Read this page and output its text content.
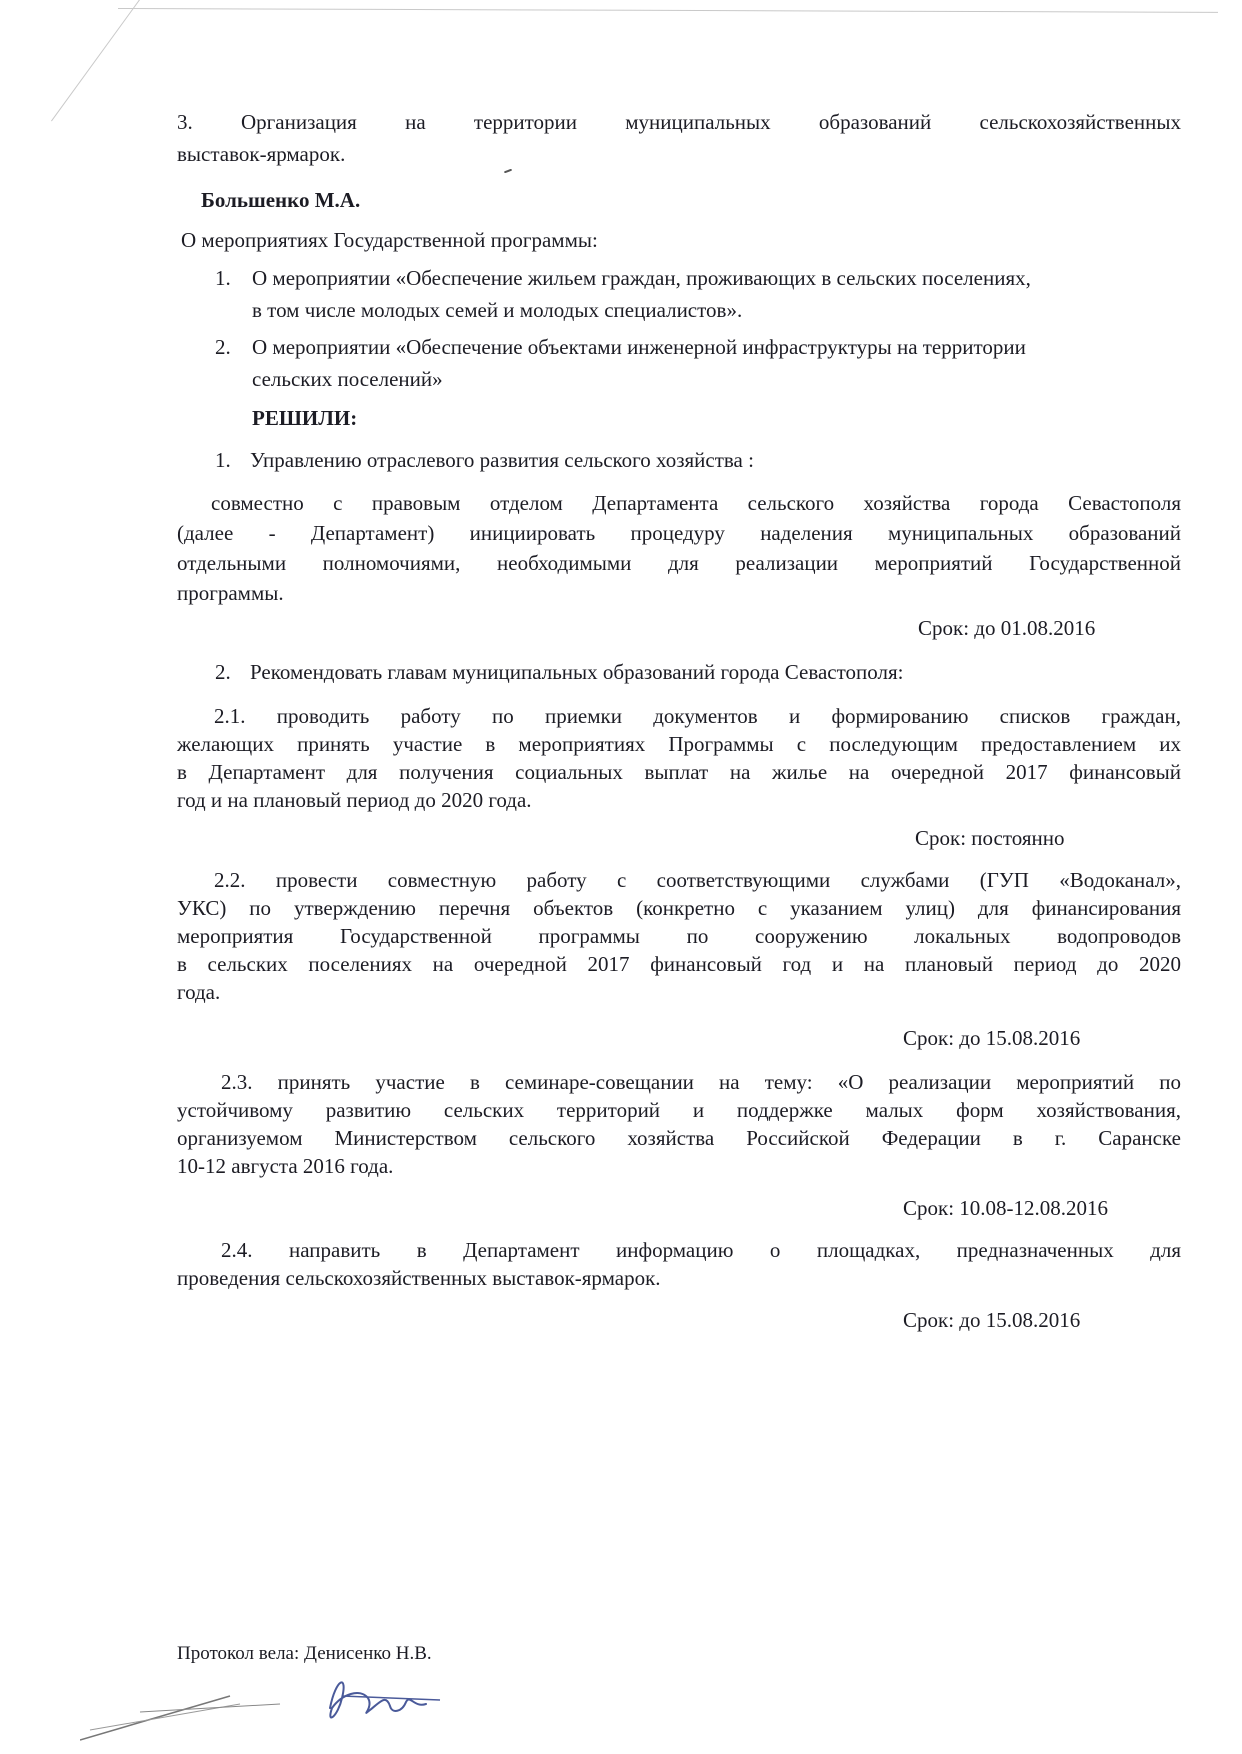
3. Организация на территории муниципальных образований сельскохозяйственных
выставок-ярмарок.
Большенко М.А.
О мероприятиях Государственной программы:
1. О мероприятии «Обеспечение жильем граждан, проживающих в сельских поселениях,
в том числе молодых семей и молодых специалистов».
2. О мероприятии «Обеспечение объектами инженерной инфраструктуры на территории
сельских поселений»
РЕШИЛИ:
1. Управлению отраслевого развития сельского хозяйства :
совместно с правовым отделом Департамента сельского хозяйства города Севастополя
(далее - Департамент) инициировать процедуру наделения муниципальных образований
отдельными полномочиями, необходимыми для реализации мероприятий Государственной
программы.
Срок: до 01.08.2016
2. Рекомендовать главам муниципальных образований города Севастополя:
2.1. проводить работу по приемки документов и формированию списков граждан,
желающих принять участие в мероприятиях Программы с последующим предоставлением их
в Департамент для получения социальных выплат на жилье на очередной 2017 финансовый
год и на плановый период до 2020 года.
Срок: постоянно
2.2. провести совместную работу с соответствующими службами (ГУП «Водоканал»,
УКС) по утверждению перечня объектов (конкретно с указанием улиц) для финансирования
мероприятия Государственной программы по сооружению локальных водопроводов
в сельских поселениях на очередной 2017 финансовый год и на плановый период до 2020
года.
Срок: до 15.08.2016
2.3. принять участие в семинаре-совещании на тему: «О реализации мероприятий по
устойчивому развитию сельских территорий и поддержке малых форм хозяйствования,
организуемом Министерством сельского хозяйства Российской Федерации в г. Саранске
10-12 августа 2016 года.
Срок: 10.08-12.08.2016
2.4. направить в Департамент информацию о площадках, предназначенных для
проведения сельскохозяйственных выставок-ярмарок.
Срок: до 15.08.2016
Протокол вела: Денисенко Н.В.
